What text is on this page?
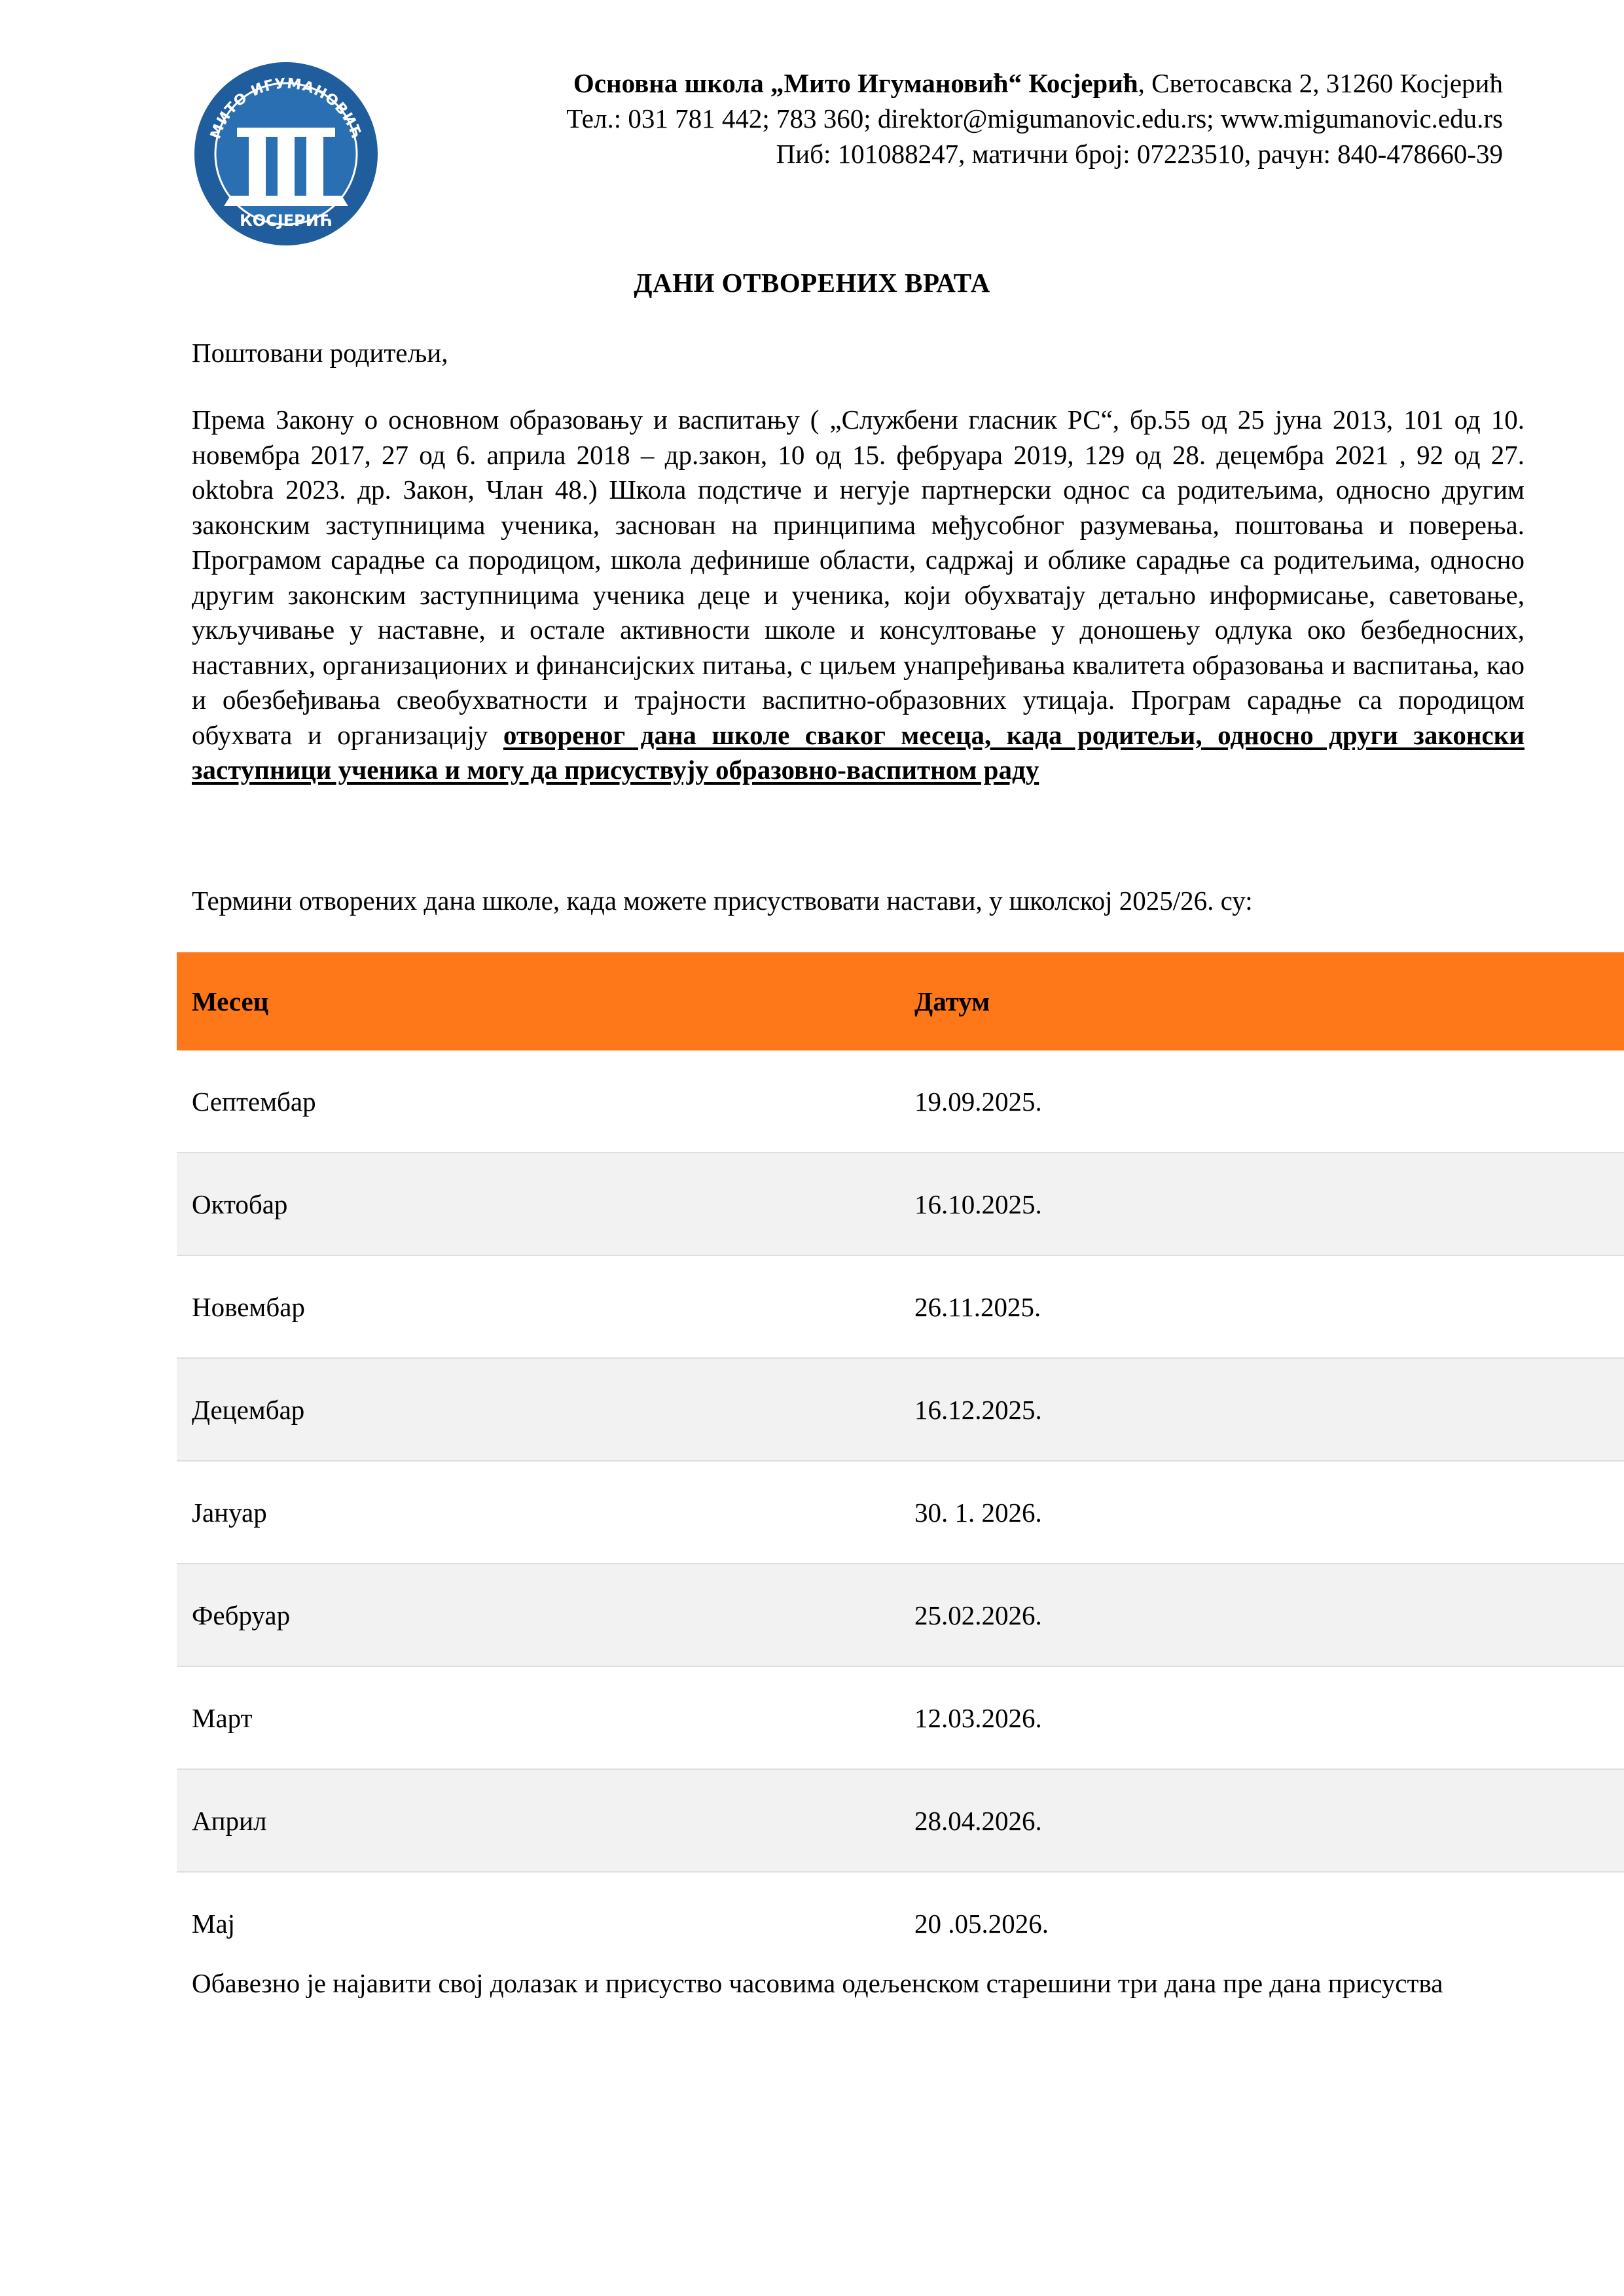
МИТО ИГУМАНОВИЋ
КОСЈЕРИЋ
Основна школа „Мито Игумановић“ Косјерић, Светосавска 2, 31260 Косјерић
Тел.: 031 781 442; 783 360; direktor@migumanovic.edu.rs; www.migumanovic.edu.rs
Пиб: 101088247, матични број: 07223510, рачун: 840-478660-39
ДАНИ ОТВОРЕНИХ ВРАТА
Поштовани родитељи,
Према Закону о основном образовању и васпитању ( „Службени гласник РС“, бр.55 од 25 јуна 2013, 101 од 10. новембра 2017, 27 од 6. априла 2018 – др.закон, 10 од 15. фебруара 2019, 129 од 28. децембра 2021 , 92 од 27. oktobra 2023. др. Закон, Члан 48.) Школа подстиче и негује партнерски однос са родитељима, односно другим законским заступницима ученика, заснован на принципима међусобног разумевања, поштовања и поверења. Програмом сарадње са породицом, школа дефинише области, садржај и облике сарадње са родитељима, односно другим законским заступницима ученика деце и ученика, који обухватају детаљно информисање, саветовање, укључивање у наставне, и остале активности школе и консултовање у доношењу одлука око безбедносних, наставних, организационих и финансијских питања, с циљем унапређивања квалитета образовања и васпитања, као и обезбеђивања свеобухватности и трајности васпитно-образовних утицаја. Програм сарадње са породицом обухвата и организацију отвореног дана школе сваког месеца, када родитељи, односно други законски заступници ученика и могу да присуствују образовно-васпитном раду
Термини отворених дана школе, када можете присуствовати настави, у школској 2025/26. су:
Месец	Датум
Септембар	19.09.2025.
Октобар	16.10.2025.
Новембар	26.11.2025.
Децембар	16.12.2025.
Јануар	30. 1. 2026.
Фебруар	25.02.2026.
Март	12.03.2026.
Април	28.04.2026.
Мај	20 .05.2026.
Обавезно је најавити свој долазак и присуство часовима одељенском старешини три дана пре дана присуства
